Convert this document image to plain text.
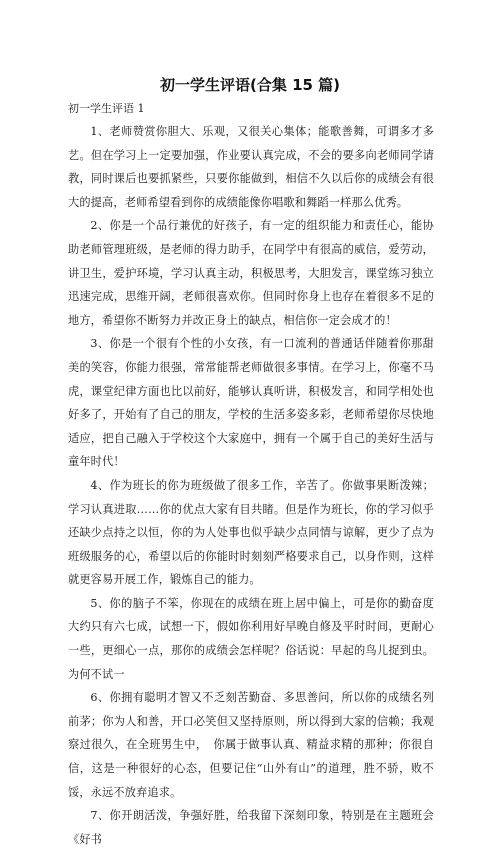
初一学生评语(合集 15 篇)
初一学生评语 1

1、老师赞赏你胆大、乐观，又很关心集体；能歌善舞，可谓多才多艺。但在学习上一定要加强，作业要认真完成，不会的要多向老师同学请教，同时课后也要抓紧些，只要你能做到，相信不久以后你的成绩会有很大的提高，老师希望看到你的成绩能像你唱歌和舞蹈一样那么优秀。

2、你是一个品行兼优的好孩子，有一定的组织能力和责任心，能协助老师管理班级，是老师的得力助手，在同学中有很高的威信，爱劳动，讲卫生，爱护环境，学习认真主动，积极思考，大胆发言，课堂练习独立迅速完成，思维开阔，老师很喜欢你。但同时你身上也存在着很多不足的地方，希望你不断努力并改正身上的缺点，相信你一定会成才的！

3、你是一个很有个性的小女孩，有一口流利的普通话伴随着你那甜美的笑容，你能力很强，常常能帮老师做很多事情。在学习上，你毫不马虎，课堂纪律方面也比以前好，能够认真听讲，积极发言，和同学相处也好多了，开始有了自己的朋友，学校的生活多姿多彩，老师希望你尽快地适应，把自己融入于学校这个大家庭中，拥有一个属于自己的美好生活与童年时代！

4、作为班长的你为班级做了很多工作，辛苦了。你做事果断泼辣；学习认真进取……你的优点大家有目共睹。但是作为班长，你的学习似乎还缺少点持之以恒，你的为人处事也似乎缺少点同情与谅解，更少了点为班级服务的心，希望以后的你能时时刻刻严格要求自己，以身作则，这样就更容易开展工作，锻炼自己的能力。

5、你的脑子不笨，你现在的成绩在班上居中偏上，可是你的勤奋度大约只有六七成，试想一下，假如你利用好早晚自修及平时时间，更耐心一些，更细心一点，那你的成绩会怎样呢？俗话说：早起的鸟儿捉到虫。为何不试一

6、你拥有聪明才智又不乏刻苦勤奋、多思善问，所以你的成绩名列前茅；你为人和善，开口必笑但又坚持原则，所以得到大家的信赖；我观察过很久，在全班男生中，　你属于做事认真、精益求精的那种；你很自信，这是一种很好的心态，但要记住“山外有山”的道理，胜不骄，败不馁，永远不放弃追求。

7、你开朗活泼，争强好胜，给我留下深刻印象，特别是在主题班会《好书
